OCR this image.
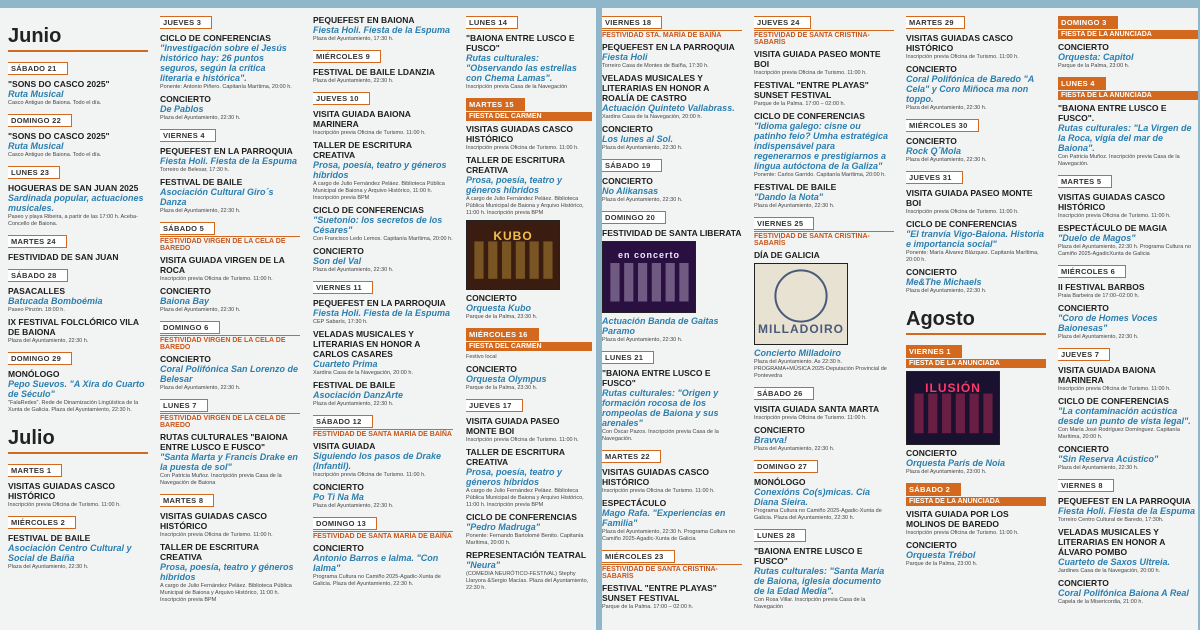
Junio
SÁBADO 21
"SONS DO CASCO 2025"
Ruta Musical
Casco Antiguo de Baiona. Todo el día.
DOMINGO 22
"SONS DO CASCO 2025"
Ruta Musical
Casco Antiguo de Baiona. Todo el día.
LUNES 23
HOGUERAS DE SAN JUAN 2025
Sardinada popular, actuaciones musicales.
Paseo y playa Ribeira, a partir de las 17:00 h. Aceba-Concello de Baiona.
MARTES 24
FESTIVIDAD DE SAN JUAN
SÁBADO 28
PASACALLES
Batucada Bomboémia
Paseo Pinzón. 18:00 h.
IX FESTIVAL FOLCLÓRICO VILA DE BAIONA
Plaza del Ayuntamiento, 22:30 h.
DOMINGO 29
MONÓLOGO
Pepo Suevos. "A Xira do Cuarto de Século"
"FalaRedes". Rede de Dinamización Lingüística de la Xunta de Galicia. Plaza del Ayuntamiento, 22:30 h.
Julio
MARTES 1
VISITAS GUIADAS CASCO HISTÓRICO
Inscripción previa Oficina de Turismo. 11:00 h.
MIÉRCOLES 2
FESTIVAL DE BAILE
Asociación Centro Cultural y Social de Baíña
Plaza del Ayuntamiento, 22:30 h.
JUEVES 3
CICLO DE CONFERENCIAS
"Investigación sobre el Jesús histórico hay: 26 puntos seguros, según la crítica literaria e histórica".
Ponente: Antonio Piñero. Capitanía Marítima, 20:00 h.
CONCIERTO
De Pablos
Plaza del Ayuntamiento, 22:30 h.
VIERNES 4
PEQUEFEST EN LA PARROQUIA
Fiesta Holi. Fiesta de la Espuma
Torreiro de Belesar, 17:30 h.
FESTIVAL DE BAILE
Asociación Cultural Giro´s Danza
Plaza del Ayuntamiento, 22:30 h.
SÁBADO 5
FESTIVIDAD VIRGEN DE LA CELA DE BAREDO
VISITA GUIADA VIRGEN DE LA ROCA
Inscripción previa Oficina de Turismo. 11:00 h.
CONCIERTO
Baiona Bay
Plaza del Ayuntamiento, 22:30 h.
DOMINGO 6
FESTIVIDAD VIRGEN DE LA CELA DE BAREDO
CONCIERTO
Coral Polifónica San Lorenzo de Belesar
Plaza del Ayuntamiento, 22:30 h.
LUNES 7
FESTIVIDAD VIRGEN DE LA CELA DE BAREDO
RUTAS CULTURALES "BAIONA ENTRE LUSCO E FUSCO"
"Santa Marta y Francis Drake en la puesta de sol"
Con Patricia Muñoz. Inscripción previa Casa de la Navegación de Baiona
MARTES 8
VISITAS GUIADAS CASCO HISTÓRICO
Inscripción previa Oficina de Turismo. 11:00 h.
TALLER DE ESCRITURA CREATIVA
Prosa, poesía, teatro y géneros híbridos
A cargo de Julio Fernández Peláez. Biblioteca Pública Municipal de Baiona y Arquivo Histórico, 11:00 h. Inscripción previa BPM
PEQUEFEST EN BAIONA
Fiesta Holi. Fiesta de la Espuma
Plaza del Ayuntamiento, 17:30 h.
MIÉRCOLES 9
FESTIVAL DE BAILE LDANZIA
Plaza del Ayuntamiento, 22:30 h.
JUEVES 10
VISITA GUIADA BAIONA MARINERA
Inscripción previa Oficina de Turismo. 11:00 h.
TALLER DE ESCRITURA CREATIVA
Prosa, poesía, teatro y géneros híbridos
A cargo de Julio Fernández Peláez. Biblioteca Pública Municipal de Baiona y Arquivo Histórico, 11:00 h. Inscripción previa BPM
CICLO DE CONFERENCIAS
"Suetonio: los secretos de los Césares"
Con Francisco Ledo Lemos. Capitanía Marítima, 20:00 h.
CONCIERTO
Son del Val
Plaza del Ayuntamiento, 22:30 h.
VIERNES 11
PEQUEFEST EN LA PARROQUIA
Fiesta Holi. Fiesta de la Espuma
CEP Sabarís, 17:30 h.
VELADAS MUSICALES Y LITERARIAS EN HONOR A CARLOS CASARES
Cuarteto Prima
Xardins Casa de la Navegación, 20:00 h.
FESTIVAL DE BAILE
Asociación DanzArte
Plaza del Ayuntamiento, 22:30 h.
SÁBADO 12
FESTIVIDAD DE SANTA MARÍA DE BAÍÑA
VISITA GUIADA
Siguiendo los pasos de Drake (Infantil).
Inscripción previa Oficina de Turismo. 11:00 h.
CONCIERTO
Po Ti Na Ma
Plaza del Ayuntamiento, 22:30 h.
DOMINGO 13
FESTIVIDAD DE SANTA MARÍA DE BAÍÑA
CONCIERTO
Antonio Barros e Ialma. "Con Ialma"
Programa Cultura no Camiño 2025-Agadic-Xunta de Galicia. Plaza del Ayuntamiento, 22:30 h.
LUNES 14
"BAIONA ENTRE LUSCO E FUSCO"
Rutas culturales: "Observando las estrellas con Chema Lamas".
Inscripción previa Casa de la Navegación
MARTES 15
FIESTA DEL CARMEN
VISITAS GUIADAS CASCO HISTÓRICO
Inscripción previa Oficina de Turismo. 11:00 h.
TALLER DE ESCRITURA CREATIVA
Prosa, poesía, teatro y géneros híbridos
A cargo de Julio Fernández Peláez. Biblioteca Pública Municipal de Baiona y Arquivo Histórico, 11:00 h. Inscripción previa BPM
KUBO
CONCIERTO
Orquesta Kubo
Parque de la Palma, 23:30 h.
MIÉRCOLES 16
FIESTA DEL CARMEN
Festivo local
CONCIERTO
Orquesta Olympus
Parque de la Palma, 23:30 h.
JUEVES 17
VISITA GUIADA PASEO MONTE BOI
Inscripción previa Oficina de Turismo. 11:00 h.
TALLER DE ESCRITURA CREATIVA
Prosa, poesía, teatro y géneros híbridos
A cargo de Julio Fernández Peláez. Biblioteca Pública Municipal de Baiona y Arquivo Histórico, 11:00 h. Inscripción previa BPM
CICLO DE CONFERENCIAS
"Pedro Madruga"
Ponente: Fernando Bartolomé Benito. Capitanía Marítima, 20:00 h.
REPRESENTACIÓN TEATRAL
"Neura"
(COMEDIA NEURÓTICO-FESTIVAL) Stephy Llaryora &Sergio Macías. Plaza del Ayuntamiento, 22:30 h.
VIERNES 18
FESTIVIDAD STA. MARÍA DE BAÍÑA
PEQUEFEST EN LA PARROQUIA
Fiesta Holi
Torreiro Casa de Montes de Baíña, 17:30 h.
VELADAS MUSICALES Y LITERARIAS EN HONOR A ROALÍA DE CASTRO
Actuación Quinteto Vallabrass.
Xardins Casa de la Navegación, 20:00 h.
CONCIERTO
Los lunes al Sol.
Plaza del Ayuntamiento, 22:30 h.
SÁBADO 19
CONCIERTO
No Alikansas
Plaza del Ayuntamiento, 22:30 h.
DOMINGO 20
FESTIVIDAD DE SANTA LIBERATA
en concerto
Actuación Banda de Gaitas Paramo
Plaza del Ayuntamiento, 22:30 h.
LUNES 21
"BAIONA ENTRE LUSCO E FUSCO"
Rutas culturales: "Origen y formación rocosa de los rompeolas de Baiona y sus arenales"
Con Óscar Pazos. Inscripción previa Casa de la Navegación.
MARTES 22
VISITAS GUIADAS CASCO HISTÓRICO
Inscripción previa Oficina de Turismo. 11:00 h.
ESPECTÁCULO
Mago Rafa. "Experiencias en Familia"
Plaza del Ayuntamiento, 22:30 h. Programa Cultura no Camiño 2025-Agadic-Xunta de Galicia
MIÉRCOLES 23
FESTIVIDAD DE SANTA CRISTINA-SABARÍS
FESTIVAL "ENTRE PLAYAS" SUNSET FESTIVAL
Parque de la Palma. 17:00 – 02:00 h.
JUEVES 24
FESTIVIDAD DE SANTA CRISTINA-SABARÍS
VISITA GUIADA PASEO MONTE BOI
Inscripción previa Oficina de Turismo. 11:00 h.
FESTIVAL "ENTRE PLAYAS" SUNSET FESTIVAL
Parque de la Palma. 17:00 – 02:00 h.
CICLO DE CONFERENCIAS
"Idioma galego: cisne ou patinho feio? Umha estratégica indispensável para regenerarnos e prestigiarnos a língua autóctona de la Galiza"
Ponente: Carlos Garrido. Capitanía Marítima, 20:00 h.
FESTIVAL DE BAILE
"Dando la Nota"
Plaza del Ayuntamiento, 22:30 h.
VIERNES 25
FESTIVIDAD DE SANTA CRISTINA-SABARÍS
DÍA DE GALICIA
MILLADOIRO
Concierto Milladoiro
Plaza del Ayuntamiento. As 22:30 h. PROGRAMA+MÚSICA 2025-Deputación Provincial de Pontevedra
SÁBADO 26
VISITA GUIADA SANTA MARTA
Inscripción previa Oficina de Turismo. 11:00 h.
CONCIERTO
Bravva!
Plaza del Ayuntamiento, 22:30 h.
DOMINGO 27
MONÓLOGO
Conexións Co(s)micas. Cía Diana Sieira.
Programa Cultura no Camiño 2025-Agadic-Xunta de Galicia. Plaza del Ayuntamiento, 22:30 h.
LUNES 28
"BAIONA ENTRE LUSCO E FUSCO"
Rutas culturales: "Santa María de Baiona, iglesia documento de la Edad Media".
Con Rosa Villar. Inscripción previa Casa de la Navegación
MARTES 29
VISITAS GUIADAS CASCO HISTÓRICO
Inscripción previa Oficina de Turismo. 11:00 h.
CONCIERTO
Coral Polifónica de Baredo "A Cela" y Coro Miñoca ma non toppo.
Plaza del Ayuntamiento, 22:30 h.
MIÉRCOLES 30
CONCIERTO
Rock Q´Mola
Plaza del Ayuntamiento, 22:30 h.
JUEVES 31
VISITA GUIADA PASEO MONTE BOI
Inscripción previa Oficina de Turismo. 11:00 h.
CICLO DE CONFERENCIAS
"El tranvía Vigo-Baiona. Historia e importancia social"
Ponente: María Álvarez Blázquez. Capitanía Marítima, 20:00 h.
CONCIERTO
Me&The Michaels
Plaza del Ayuntamiento, 22:30 h.
Agosto
VIERNES 1
FIESTA DE LA ANUNCIADA
ILUSIÓN
CONCIERTO
Orquesta París de Noia
Plaza del Ayuntamiento, 23:00 h.
SÁBADO 2
FIESTA DE LA ANUNCIADA
VISITA GUIADA POR LOS MOLINOS DE BAREDO
Inscripción previa Oficina de Turismo. 11:00 h.
CONCIERTO
Orquesta Trébol
Parque de la Palma, 23:00 h.
DOMINGO 3
FIESTA DE LA ANUNCIADA
CONCIERTO
Orquesta: Capitol
Parque de la Palma, 23:00 h.
LUNES 4
FIESTA DE LA ANUNCIADA
"BAIONA ENTRE LUSCO E FUSCO".
Rutas culturales: "La Virgen de la Roca, vigía del mar de Baiona".
Con Patricia Muñoz. Inscripción previa Casa de la Navegación.
MARTES 5
VISITAS GUIADAS CASCO HISTÓRICO
Inscripción previa Oficina de Turismo. 11:00 h.
ESPECTÁCULO DE MAGIA
"Duelo de Magos"
Plaza del Ayuntamiento, 22:30 h. Programa Cultura no Camiño 2025-AgadicXunta de Galicia
MIÉRCOLES 6
II FESTIVAL BARBOS
Praia Barbeira de 17:00–02:00 h.
CONCIERTO
"Coro de Homes Voces Baionesas"
Plaza del Ayuntamiento, 22:30 h.
JUEVES 7
VISITA GUIADA BAIONA MARINERA
Inscripción previa Oficina de Turismo. 11:00 h.
CICLO DE CONFERENCIAS
"La contaminación acústica desde un punto de vista legal".
Con María José Rodríguez Domínguez. Capitanía Marítima, 20:00 h.
CONCIERTO
"Sin Reserva Acústico"
Plaza del Ayuntamiento, 22:30 h.
VIERNES 8
PEQUEFEST EN LA PARROQUIA
Fiesta Holi. Fiesta de la Espuma
Torreiro Centro Cultural de Baredo, 17:30h.
VELADAS MUSICALES Y LITERARIAS EN HONOR A ÁLVARO POMBO
Cuarteto de Saxos Ultreia.
Jardines Casa de la Navegación, 20:00 h.
CONCIERTO
Coral Polifónica Baiona A Real
Capela de la Misericordia, 21:00 h.
